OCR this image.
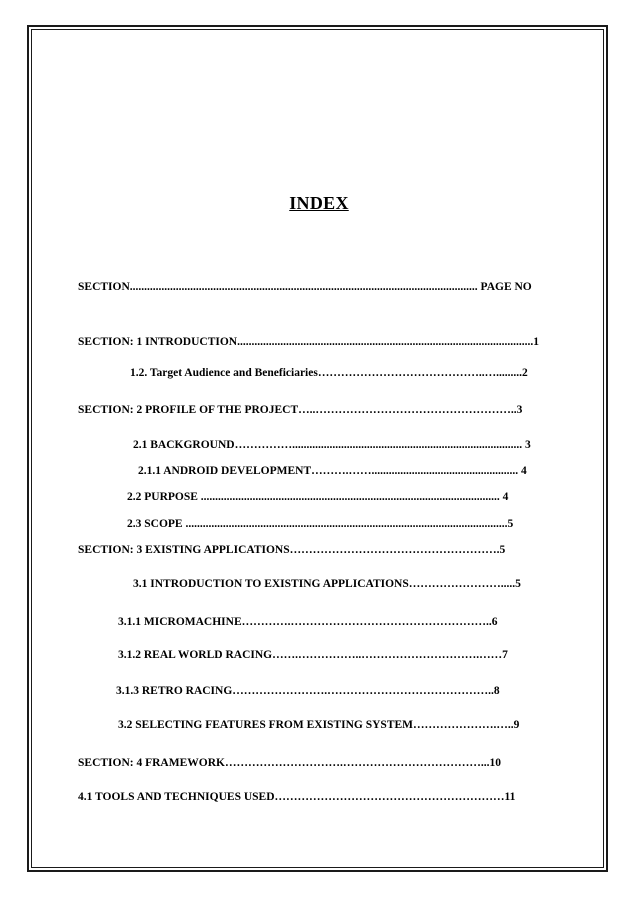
INDEX
SECTION......................................................................................................................... PAGE NO
SECTION: 1 INTRODUCTION.......................................................................................................1
1.2. Target Audience and Beneficiaries……………………………………..….........2
SECTION: 2 PROFILE OF THE PROJECT…..……………………………………………..3
2.1 BACKGROUND……………................................................................................ 3
2.1.1 ANDROID DEVELOPMENT……….……................................................... 4
2.2 PURPOSE ........................................................................................................ 4
2.3 SCOPE ................................................................................................................5
SECTION: 3 EXISTING APPLICATIONS……………………………………………….5
3.1 INTRODUCTION TO EXISTING APPLICATIONS…………………….....5
3.1.1 MICROMACHINE………….……………………………………………..6
3.1.2 REAL WORLD RACING…….……………..………………………….……7
3.1.3 RETRO RACING…………………….……………………………………..8
3.2 SELECTING FEATURES FROM EXISTING SYSTEM………………….…..9
SECTION: 4 FRAMEWORK………………………….………………………………...10
4.1 TOOLS AND TECHNIQUES USED……………………………………………………11
